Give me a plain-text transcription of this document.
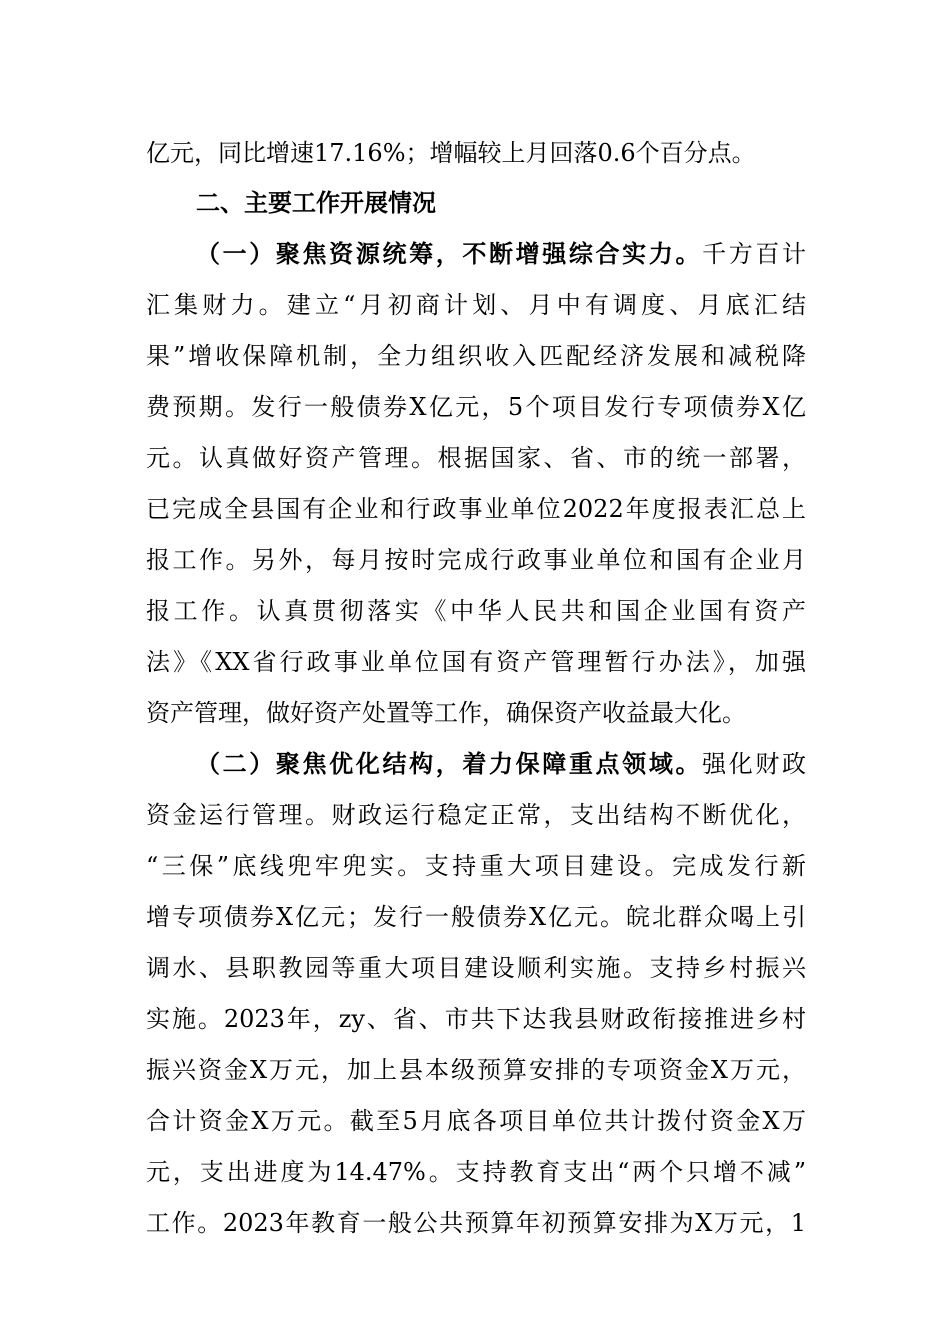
亿元，同比增速17.16%；增幅较上月回落0.6个百分点。
二、主要工作开展情况
（一）聚焦资源统筹，不断增强综合实力。千方百计
汇集财力。建立“月初商计划、月中有调度、月底汇结
果”增收保障机制，全力组织收入匹配经济发展和减税降
费预期。发行一般债券X亿元，5个项目发行专项债券X亿
元。认真做好资产管理。根据国家、省、市的统一部署，
已完成全县国有企业和行政事业单位2022年度报表汇总上
报工作。另外，每月按时完成行政事业单位和国有企业月
报工作。认真贯彻落实《中华人民共和国企业国有资产
法》《XX省行政事业单位国有资产管理暂行办法》，加强
资产管理，做好资产处置等工作，确保资产收益最大化。
（二）聚焦优化结构，着力保障重点领域。强化财政
资金运行管理。财政运行稳定正常，支出结构不断优化，
“三保”底线兜牢兜实。支持重大项目建设。完成发行新
增专项债券X亿元；发行一般债券X亿元。皖北群众喝上引
调水、县职教园等重大项目建设顺利实施。支持乡村振兴
实施。2023年，zy、省、市共下达我县财政衔接推进乡村
振兴资金X万元，加上县本级预算安排的专项资金X万元，
合计资金X万元。截至5月底各项目单位共计拨付资金X万
元，支出进度为14.47%。支持教育支出“两个只增不减”
工作。2023年教育一般公共预算年初预算安排为X万元，1
